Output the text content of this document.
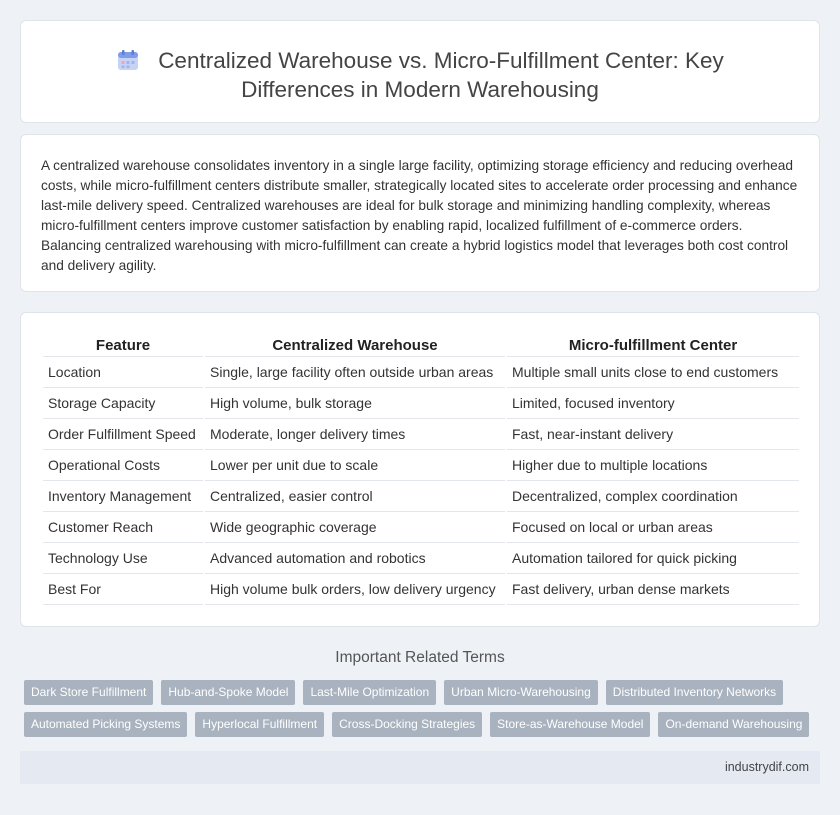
Centralized Warehouse vs. Micro-Fulfillment Center: Key Differences in Modern Warehousing

A centralized warehouse consolidates inventory in a single large facility, optimizing storage efficiency and reducing overhead costs, while micro-fulfillment centers distribute smaller, strategically located sites to accelerate order processing and enhance last-mile delivery speed. Centralized warehouses are ideal for bulk storage and minimizing handling complexity, whereas micro-fulfillment centers improve customer satisfaction by enabling rapid, localized fulfillment of e-commerce orders. Balancing centralized warehousing with micro-fulfillment can create a hybrid logistics model that leverages both cost control and delivery agility.

Feature	Centralized Warehouse	Micro-fulfillment Center
Location	Single, large facility often outside urban areas	Multiple small units close to end customers
Storage Capacity	High volume, bulk storage	Limited, focused inventory
Order Fulfillment Speed	Moderate, longer delivery times	Fast, near-instant delivery
Operational Costs	Lower per unit due to scale	Higher due to multiple locations
Inventory Management	Centralized, easier control	Decentralized, complex coordination
Customer Reach	Wide geographic coverage	Focused on local or urban areas
Technology Use	Advanced automation and robotics	Automation tailored for quick picking
Best For	High volume bulk orders, low delivery urgency	Fast delivery, urban dense markets
Important Related Terms
Dark Store Fulfillment	Hub-and-Spoke Model	Last-Mile Optimization	Urban Micro-Warehousing	Distributed Inventory Networks
Automated Picking Systems	Hyperlocal Fulfillment	Cross-Docking Strategies	Store-as-Warehouse Model	On-demand Warehousing
industrydif.com
